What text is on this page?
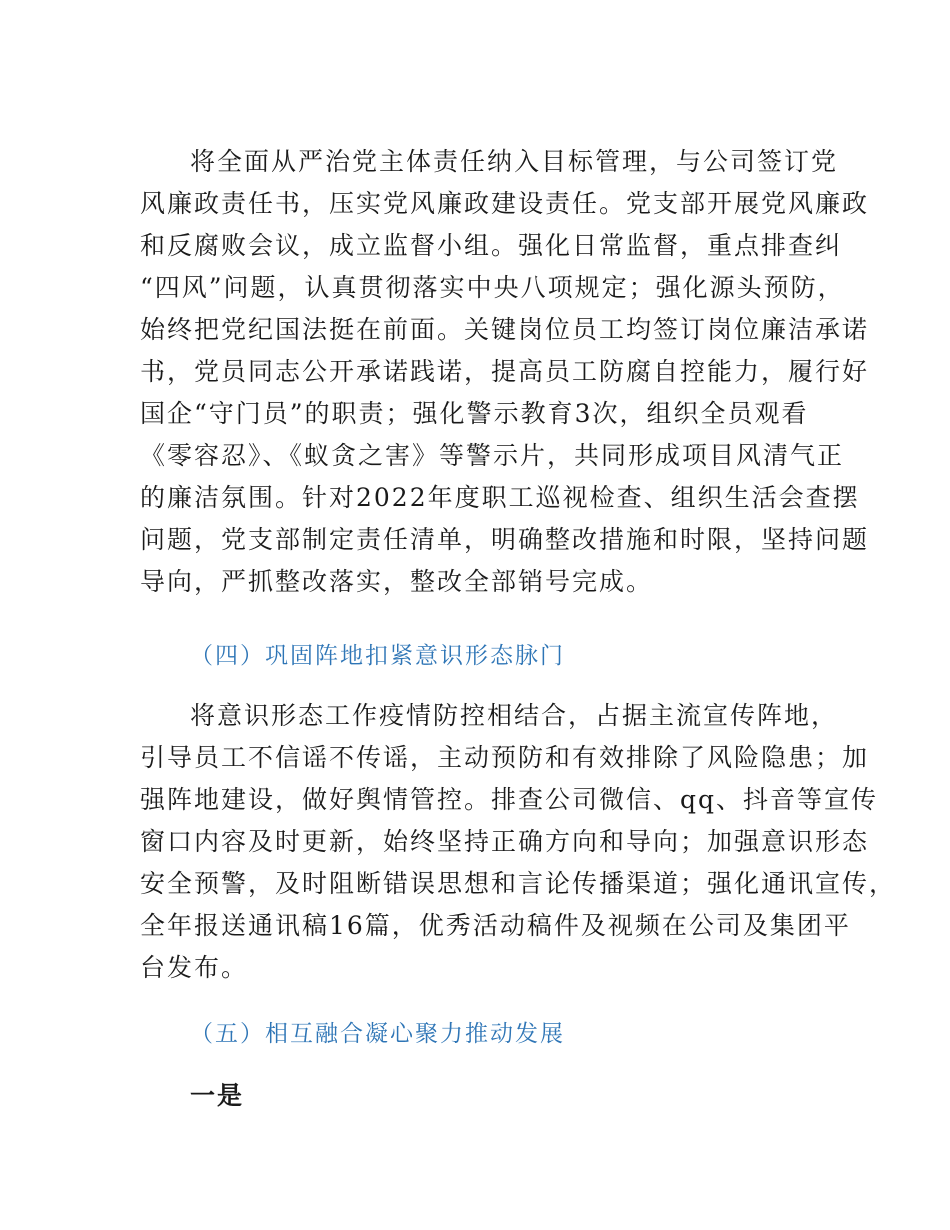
将全面从严治党主体责任纳入目标管理，与公司签订党
风廉政责任书，压实党风廉政建设责任。党支部开展党风廉政
和反腐败会议，成立监督小组。强化日常监督，重点排查纠
“四风”问题，认真贯彻落实中央八项规定；强化源头预防，
始终把党纪国法挺在前面。关键岗位员工均签订岗位廉洁承诺
书，党员同志公开承诺践诺，提高员工防腐自控能力，履行好
国企“守门员”的职责；强化警示教育3次，组织全员观看
《零容忍》、《蚁贪之害》等警示片，共同形成项目风清气正
的廉洁氛围。针对2022年度职工巡视检查、组织生活会查摆
问题，党支部制定责任清单，明确整改措施和时限，坚持问题
导向，严抓整改落实，整改全部销号完成。
（四）巩固阵地扣紧意识形态脉门
将意识形态工作疫情防控相结合，占据主流宣传阵地，
引导员工不信谣不传谣，主动预防和有效排除了风险隐患；加
强阵地建设，做好舆情管控。排查公司微信、qq、抖音等宣传
窗口内容及时更新，始终坚持正确方向和导向；加强意识形态
安全预警，及时阻断错误思想和言论传播渠道；强化通讯宣传，
全年报送通讯稿16篇，优秀活动稿件及视频在公司及集团平
台发布。
（五）相互融合凝心聚力推动发展
一是
